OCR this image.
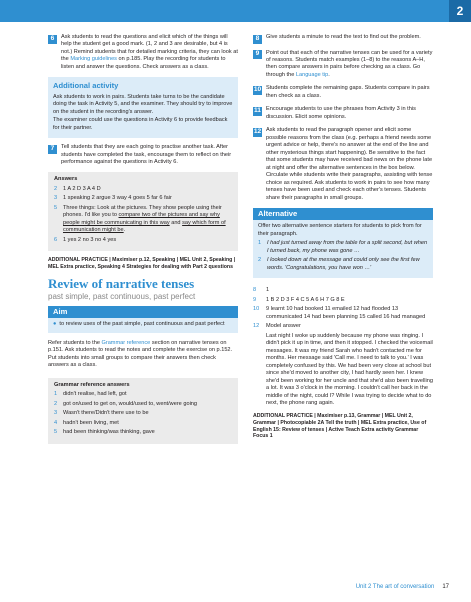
2
6	Ask students to read the questions and elicit which of the things will help the student get a good mark. (1, 2 and 3 are desirable, but 4 is not.) Remind students that for detailed marking criteria, they can look at the Marking guidelines on p.185. Play the recording for students to listen and answer the questions. Check answers as a class.

Additional activity

Ask students to work in pairs. Students take turns to be the candidate doing the task in Activity 5, and the examiner. They should try to improve on the student in the recording's answer.

The examiner could use the questions in Activity 6 to provide feedback for their partner.

7	Tell students that they are each going to practise another task. After students have completed the task, encourage them to reflect on their performance against the questions in Activity 6.

Answers
2	1 A 2 D 3 A 4 D
3	1 speaking 2 argue 3 way 4 goes 5 far 6 fair
5	Three things: Look at the pictures. They show people using their phones. I'd like you to compare two of the pictures and say why people might be communicating in this way and say which form of communication might be.
6	1 yes 2 no 3 no 4 yes
ADDITIONAL PRACTICE | Maximiser p.12, Speaking | MEL Unit 2, Speaking | MEL Extra practice, Speaking 4 Strategies for dealing with Part 2 questions
Review of narrative tenses
past simple, past continuous, past perfect
Aim
● to review uses of the past simple, past continuous and past perfect

Refer students to the Grammar reference section on narrative tenses on p.151. Ask students to read the notes and complete the exercise on p.152. Put students into small groups to compare their answers then check answers as a class.

Grammar reference answers
1	didn't realise, had left, got
2	got on/used to get on, would/used to, went/were going
3	Wasn't there/Didn't there use to be
4	hadn't been living, met
5	had been thinking/was thinking, gave
8	Give students a minute to read the text to find out the problem.

9	Point out that each of the narrative tenses can be used for a variety of reasons. Students match examples (1–8) to the reasons A–H, then compare answers in pairs before checking as a class. Go through the Language tip.

10 Students complete the remaining gaps. Students compare in pairs then check as a class.

11 Encourage students to use the phrases from Activity 3 in this discussion. Elicit some opinions.

12 Ask students to read the paragraph opener and elicit some possible reasons from the class (e.g. perhaps a friend needs some urgent advice or help, there's no answer at the end of the line and other mysterious things start happening). Be sensitive to the fact that some students may have received bad news on the phone late at night and offer the alternative sentences in the box below. Circulate while students write their paragraphs, assisting with tense choice as required. Ask students to work in pairs to see how many tenses have been used and check each other's tenses. Students share their paragraphs in small groups.

Alternative

Offer two alternative sentence starters for students to pick from for their paragraph.

1	I had just turned away from the table for a split second, but when I turned back, my phone was gone …
2	I looked down at the message and could only see the first few words. 'Congratulations, you have won …'
8	1
9	1 B 2 D 3 F 4 C 5 A 6 H 7 G 8 E
10	9 learnt 10 had booked 11 emailed 12 had flooded 13 communicated 14 had been planning 15 called 16 had managed
12	Model answer

Last night I woke up suddenly because my phone was ringing. I didn't pick it up in time, and then it stopped. I checked the voicemail messages. It was my friend Sarah who hadn't contacted me for months. Her message said 'Call me. I need to talk to you.' I was completely confused by this. We had been very close at school but since she'd moved to another city, I had hardly seen her. I knew she'd been working for her uncle and that she'd also been travelling a lot. It was 3 o'clock in the morning. I couldn't call her back in the middle of the night, could I? While I was trying to decide what to do next, the phone rang again.

ADDITIONAL PRACTICE | Maximiser p.13, Grammar | MEL Unit 2, Grammar | Photocopiable 2A Tell the truth | MEL Extra practice, Use of English 15: Review of tenses | Active Teach Extra activity Grammar Focus 1
Unit 2 The art of conversation 17
